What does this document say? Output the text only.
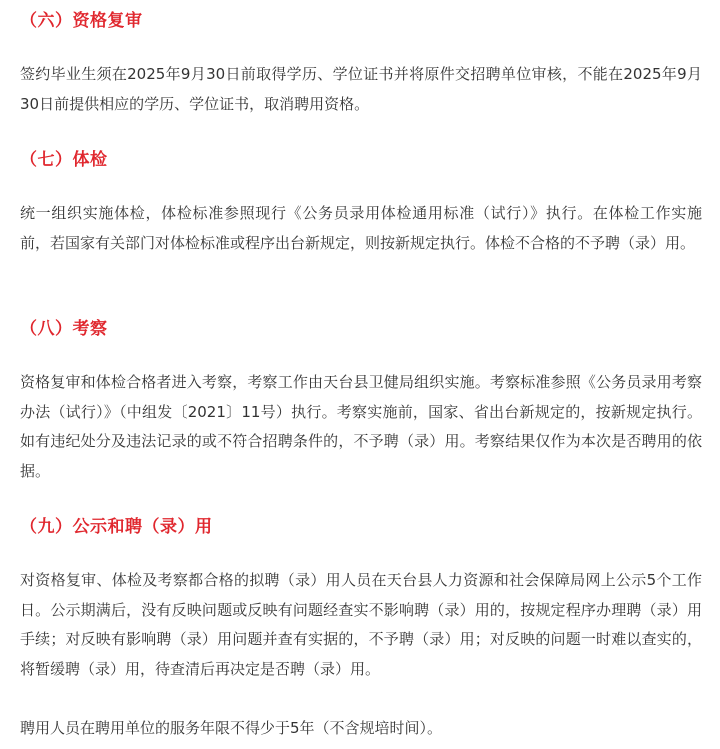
（六）资格复审

签约毕业生须在2025年9月30日前取得学历、学位证书并将原件交招聘单位审核，不能在2025年9月30日前提供相应的学历、学位证书，取消聘用资格。

（七）体检

统一组织实施体检，体检标准参照现行《公务员录用体检通用标准（试行）》执行。在体检工作实施前，若国家有关部门对体检标准或程序出台新规定，则按新规定执行。体检不合格的不予聘（录）用。

（八）考察

资格复审和体检合格者进入考察，考察工作由天台县卫健局组织实施。考察标准参照《公务员录用考察办法（试行）》（中组发〔2021〕11号）执行。考察实施前，国家、省出台新规定的，按新规定执行。如有违纪处分及违法记录的或不符合招聘条件的，不予聘（录）用。考察结果仅作为本次是否聘用的依据。

（九）公示和聘（录）用

对资格复审、体检及考察都合格的拟聘（录）用人员在天台县人力资源和社会保障局网上公示5个工作日。公示期满后，没有反映问题或反映有问题经查实不影响聘（录）用的，按规定程序办理聘（录）用手续；对反映有影响聘（录）用问题并查有实据的，不予聘（录）用；对反映的问题一时难以查实的，将暂缓聘（录）用，待查清后再决定是否聘（录）用。

聘用人员在聘用单位的服务年限不得少于5年（不含规培时间）。
